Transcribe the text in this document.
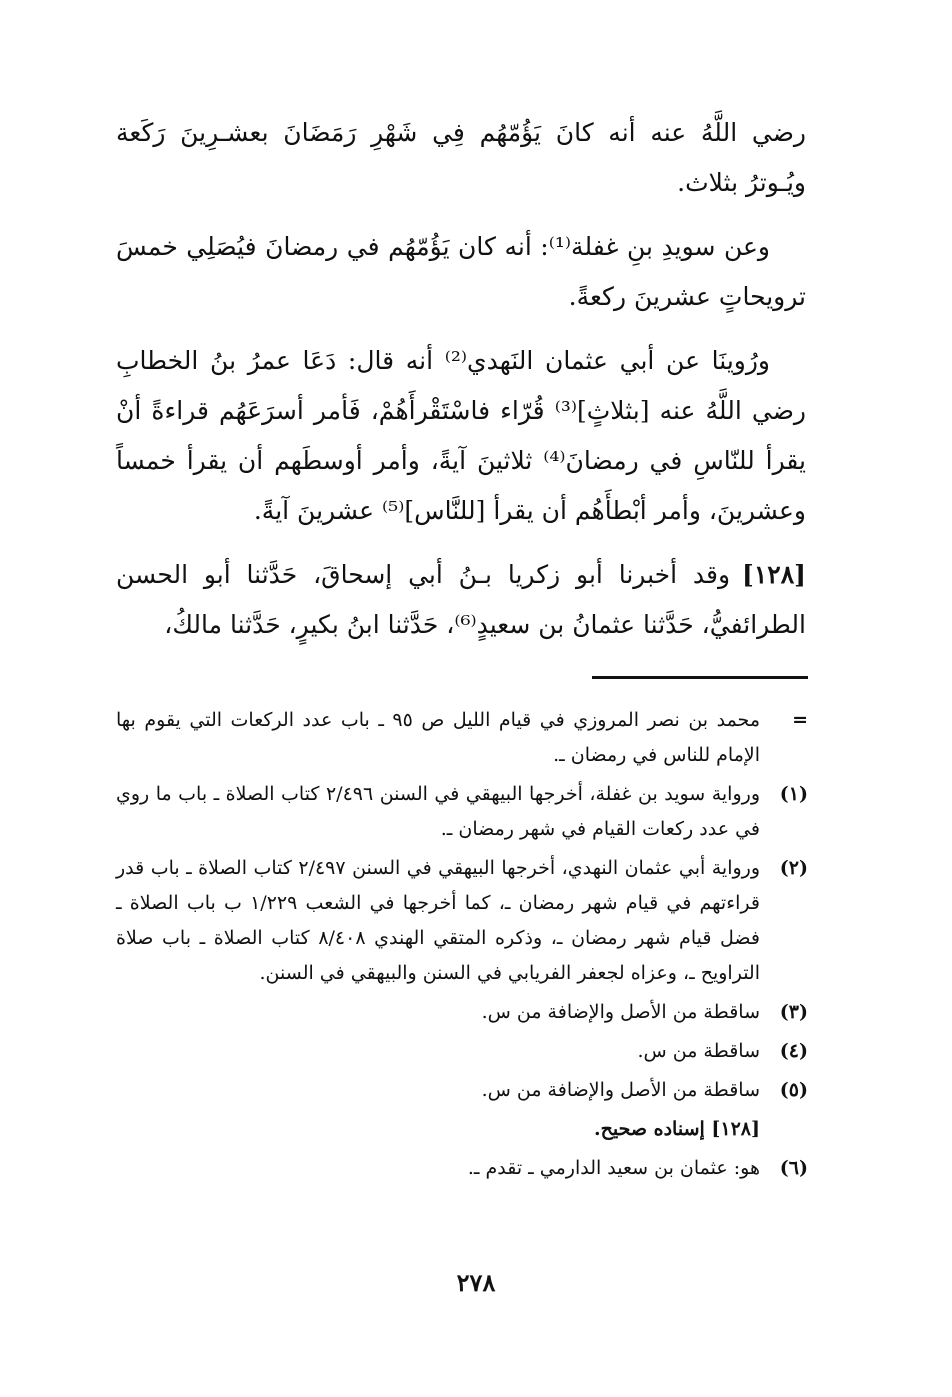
رضي اللَّهُ عنه أنه كانَ يَؤُمّهُم فِي شَهْرِ رَمَضَانَ بعشـرِينَ رَكَعة ويُـوترُ بثلاث.

وعن سويدِ بنِ غفلة⁽¹⁾: أنه كان يَؤُمّهُم في رمضانَ فيُصَلِي خمسَ ترويحاتٍ عشرينَ ركعةً.

ورُوينَا عن أبي عثمان النَهدي⁽²⁾ أنه قال: دَعَا عمرُ بنُ الخطابِ رضي اللَّهُ عنه [بثلاثٍ]⁽³⁾ قُرّاء فاسْتَقْرأَهُمْ، فَأمر أسرَعَهُم قراءةً أنْ يقرأ للنّاسِ في رمضانَ⁽⁴⁾ ثلاثينَ آيةً، وأمر أوسطَهم أن يقرأ خمساً وعشرينَ، وأمر أبْطأَهُم أن يقرأ [للنَّاس]⁽⁵⁾ عشرينَ آيةً.

[١٢٨]وقد أخبرنا أبو زكريا بـنُ أبي إسحاقَ، حَدَّثنا أبو الحسن الطرائفيُّ، حَدَّثنا عثمانُ بن سعيدٍ⁽⁶⁾، حَدَّثنا ابنُ بكيرٍ، حَدَّثنا مالكُ،

=
محمد بن نصر المروزي في قيام الليل ص ٩٥ ـ باب عدد الركعات التي يقوم بها الإمام للناس في رمضان ـ.
(١)
ورواية سويد بن غفلة، أخرجها البيهقي في السنن ٢/٤٩٦ كتاب الصلاة ـ باب ما روي في عدد ركعات القيام في شهر رمضان ـ.
(٢)
ورواية أبي عثمان النهدي، أخرجها البيهقي في السنن ٢/٤٩٧ كتاب الصلاة ـ باب قدر قراءتهم في قيام شهر رمضان ـ، كما أخرجها في الشعب ١/٢٢٩ ب باب الصلاة ـ فضل قيام شهر رمضان ـ، وذكره المتقي الهندي ٨/٤٠٨ كتاب الصلاة ـ باب صلاة التراويح ـ، وعزاه لجعفر الفريابي في السنن والبيهقي في السنن.
(٣)
ساقطة من الأصل والإضافة من س.
(٤)
ساقطة من س.
(٥)
ساقطة من الأصل والإضافة من س.
[١٢٨] إسناده صحيح.
(٦)
هو: عثمان بن سعيد الدارمي ـ تقدم ـ.
٢٧٨
